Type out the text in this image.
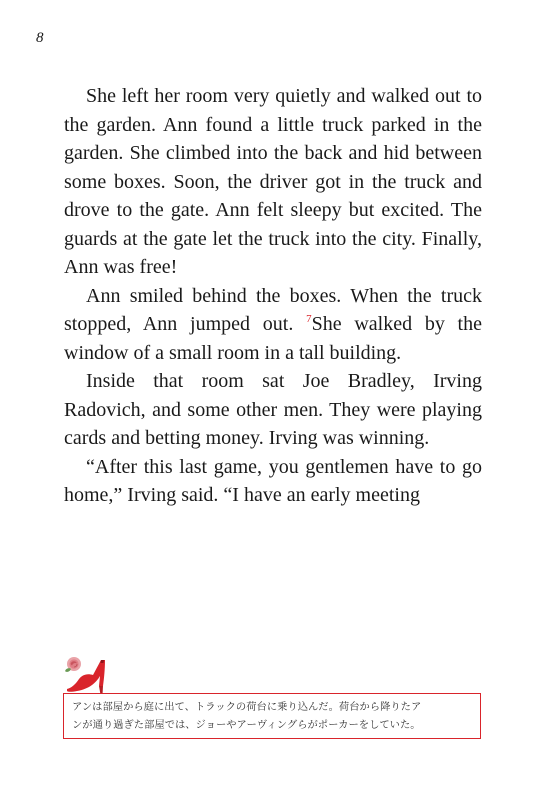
8

She left her room very quietly and walked out to the garden. Ann found a little truck parked in the garden. She climbed into the back and hid between some boxes. Soon, the driver got in the truck and drove to the gate. Ann felt sleepy but excited. The guards at the gate let the truck into the city. Finally, Ann was free!

Ann smiled behind the boxes. When the truck stopped, Ann jumped out. $^7$She walked by the window of a small room in a tall building.

Inside that room sat Joe Bradley, Irving Radovich, and some other men. They were playing cards and betting money. Irving was winning.

“After this last game, you gentlemen have to go home,” Irving said. “I have an early meeting

アンは部屋から庭に出て、トラックの荷台に乗り込んだ。荷台から降りたア
ンが通り過ぎた部屋では、ジョーやアーヴィングらがポーカーをしていた。
